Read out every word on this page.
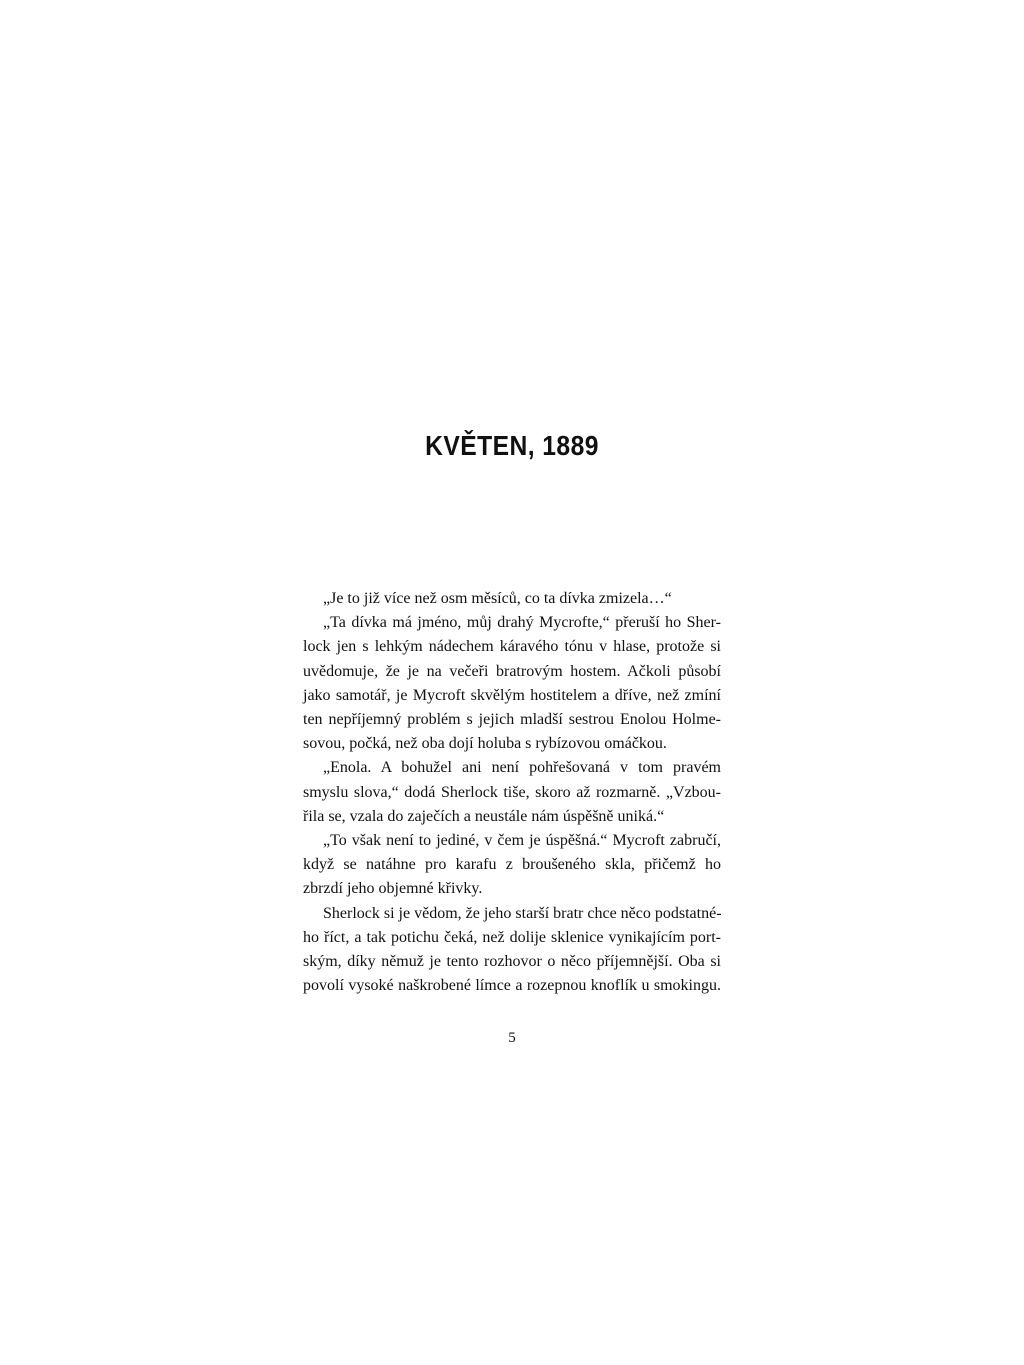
KVĚTEN, 1889

„Je to již více než osm měsíců, co ta dívka zmizela…“

„Ta dívka má jméno, můj drahý Mycrofte,“ přeruší ho Sher-
lock jen s lehkým nádechem káravého tónu v hlase, protože si
uvědomuje, že je na večeři bratrovým hostem. Ačkoli působí
jako samotář, je Mycroft skvělým hostitelem a dříve, než zmíní
ten nepříjemný problém s jejich mladší sestrou Enolou Holme-
sovou, počká, než oba dojí holuba s rybízovou omáčkou.

„Enola. A bohužel ani není pohřešovaná v tom pravém
smyslu slova,“ dodá Sherlock tiše, skoro až rozmarně. „Vzbou-
řila se, vzala do zaječích a neustále nám úspěšně uniká.“

„To však není to jediné, v čem je úspěšná.“ Mycroft zabručí,
když se natáhne pro karafu z broušeného skla, přičemž ho
zbrzdí jeho objemné křivky.

Sherlock si je vědom, že jeho starší bratr chce něco podstatné-
ho říct, a tak potichu čeká, než dolije sklenice vynikajícím port-
ským, díky němuž je tento rozhovor o něco příjemnější. Oba si
povolí vysoké naškrobené límce a rozepnou knoflík u smokingu.

5
